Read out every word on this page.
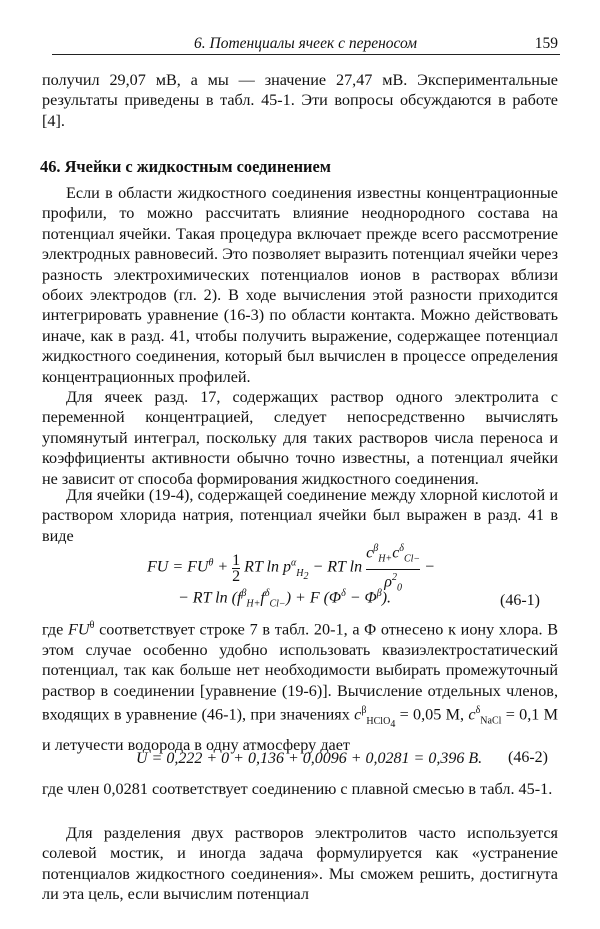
6. Потенциалы ячеек с переносом	159

получил 29,07 мВ, а мы — значение 27,47 мВ. Экспериментальные результаты приведены в табл. 45-1. Эти вопросы обсуждаются в работе [4].

46. Ячейки с жидкостным соединением

Если в области жидкостного соединения известны концентрационные профили, то можно рассчитать влияние неоднородного состава на потенциал ячейки. Такая процедура включает прежде всего рассмотрение электродных равновесий. Это позволяет выразить потенциал ячейки через разность электрохимических потенциалов ионов в растворах вблизи обоих электродов (гл. 2). В ходе вычисления этой разности приходится интегрировать уравнение (16-3) по области контакта. Можно действовать иначе, как в разд. 41, чтобы получить выражение, содержащее потенциал жидкостного соединения, который был вычислен в процессе определения концентрационных профилей.

Для ячеек разд. 17, содержащих раствор одного электролита с переменной концентрацией, следует непосредственно вычислять упомянутый интеграл, поскольку для таких растворов числа переноса и коэффициенты активности обычно точно известны, а потенциал ячейки не зависит от способа формирования жидкостного соединения.

Для ячейки (19-4), содержащей соединение между хлорной кислотой и раствором хлорида натрия, потенциал ячейки был выражен в разд. 41 в виде

FU = $FU^\theta + \frac{1}{2}$ RT $\ln p^\alpha_{H_2}$ − RT ln
$c^\beta_{H+}c^\delta_{Cl-}$
$\rho^2_0$
−
− RT $\ln (f^\beta_{H+}f^\delta_{Cl-}) + F$ $(\Phi^\delta - \Phi^\beta)$.	(46-1)

где $FU^\theta$ соответствует строке 7 в табл. 20-1, а Φ отнесено к иону хлора. В этом случае особенно удобно использовать квазиэлектростатический потенциал, так как больше нет необходимости выбирать промежуточный раствор в соединении [уравнение (19-6)]. Вычисление отдельных членов, входящих в уравнение (46-1), при значениях $c^\beta_{HClO_4} = 0,05$ М, $c^\delta_{NaCl} = 0,1$ М и летучести водорода в одну атмосферу дает

U = 0,222 + 0 + 0,136 + 0,0096 + 0,0281 = 0,396 В. (46-2)

где член 0,0281 соответствует соединению с плавной смесью в табл. 45-1.

Для разделения двух растворов электролитов часто используется солевой мостик, и иногда задача формулируется как «устранение потенциалов жидкостного соединения». Мы сможем решить, достигнута ли эта цель, если вычислим потенциал
